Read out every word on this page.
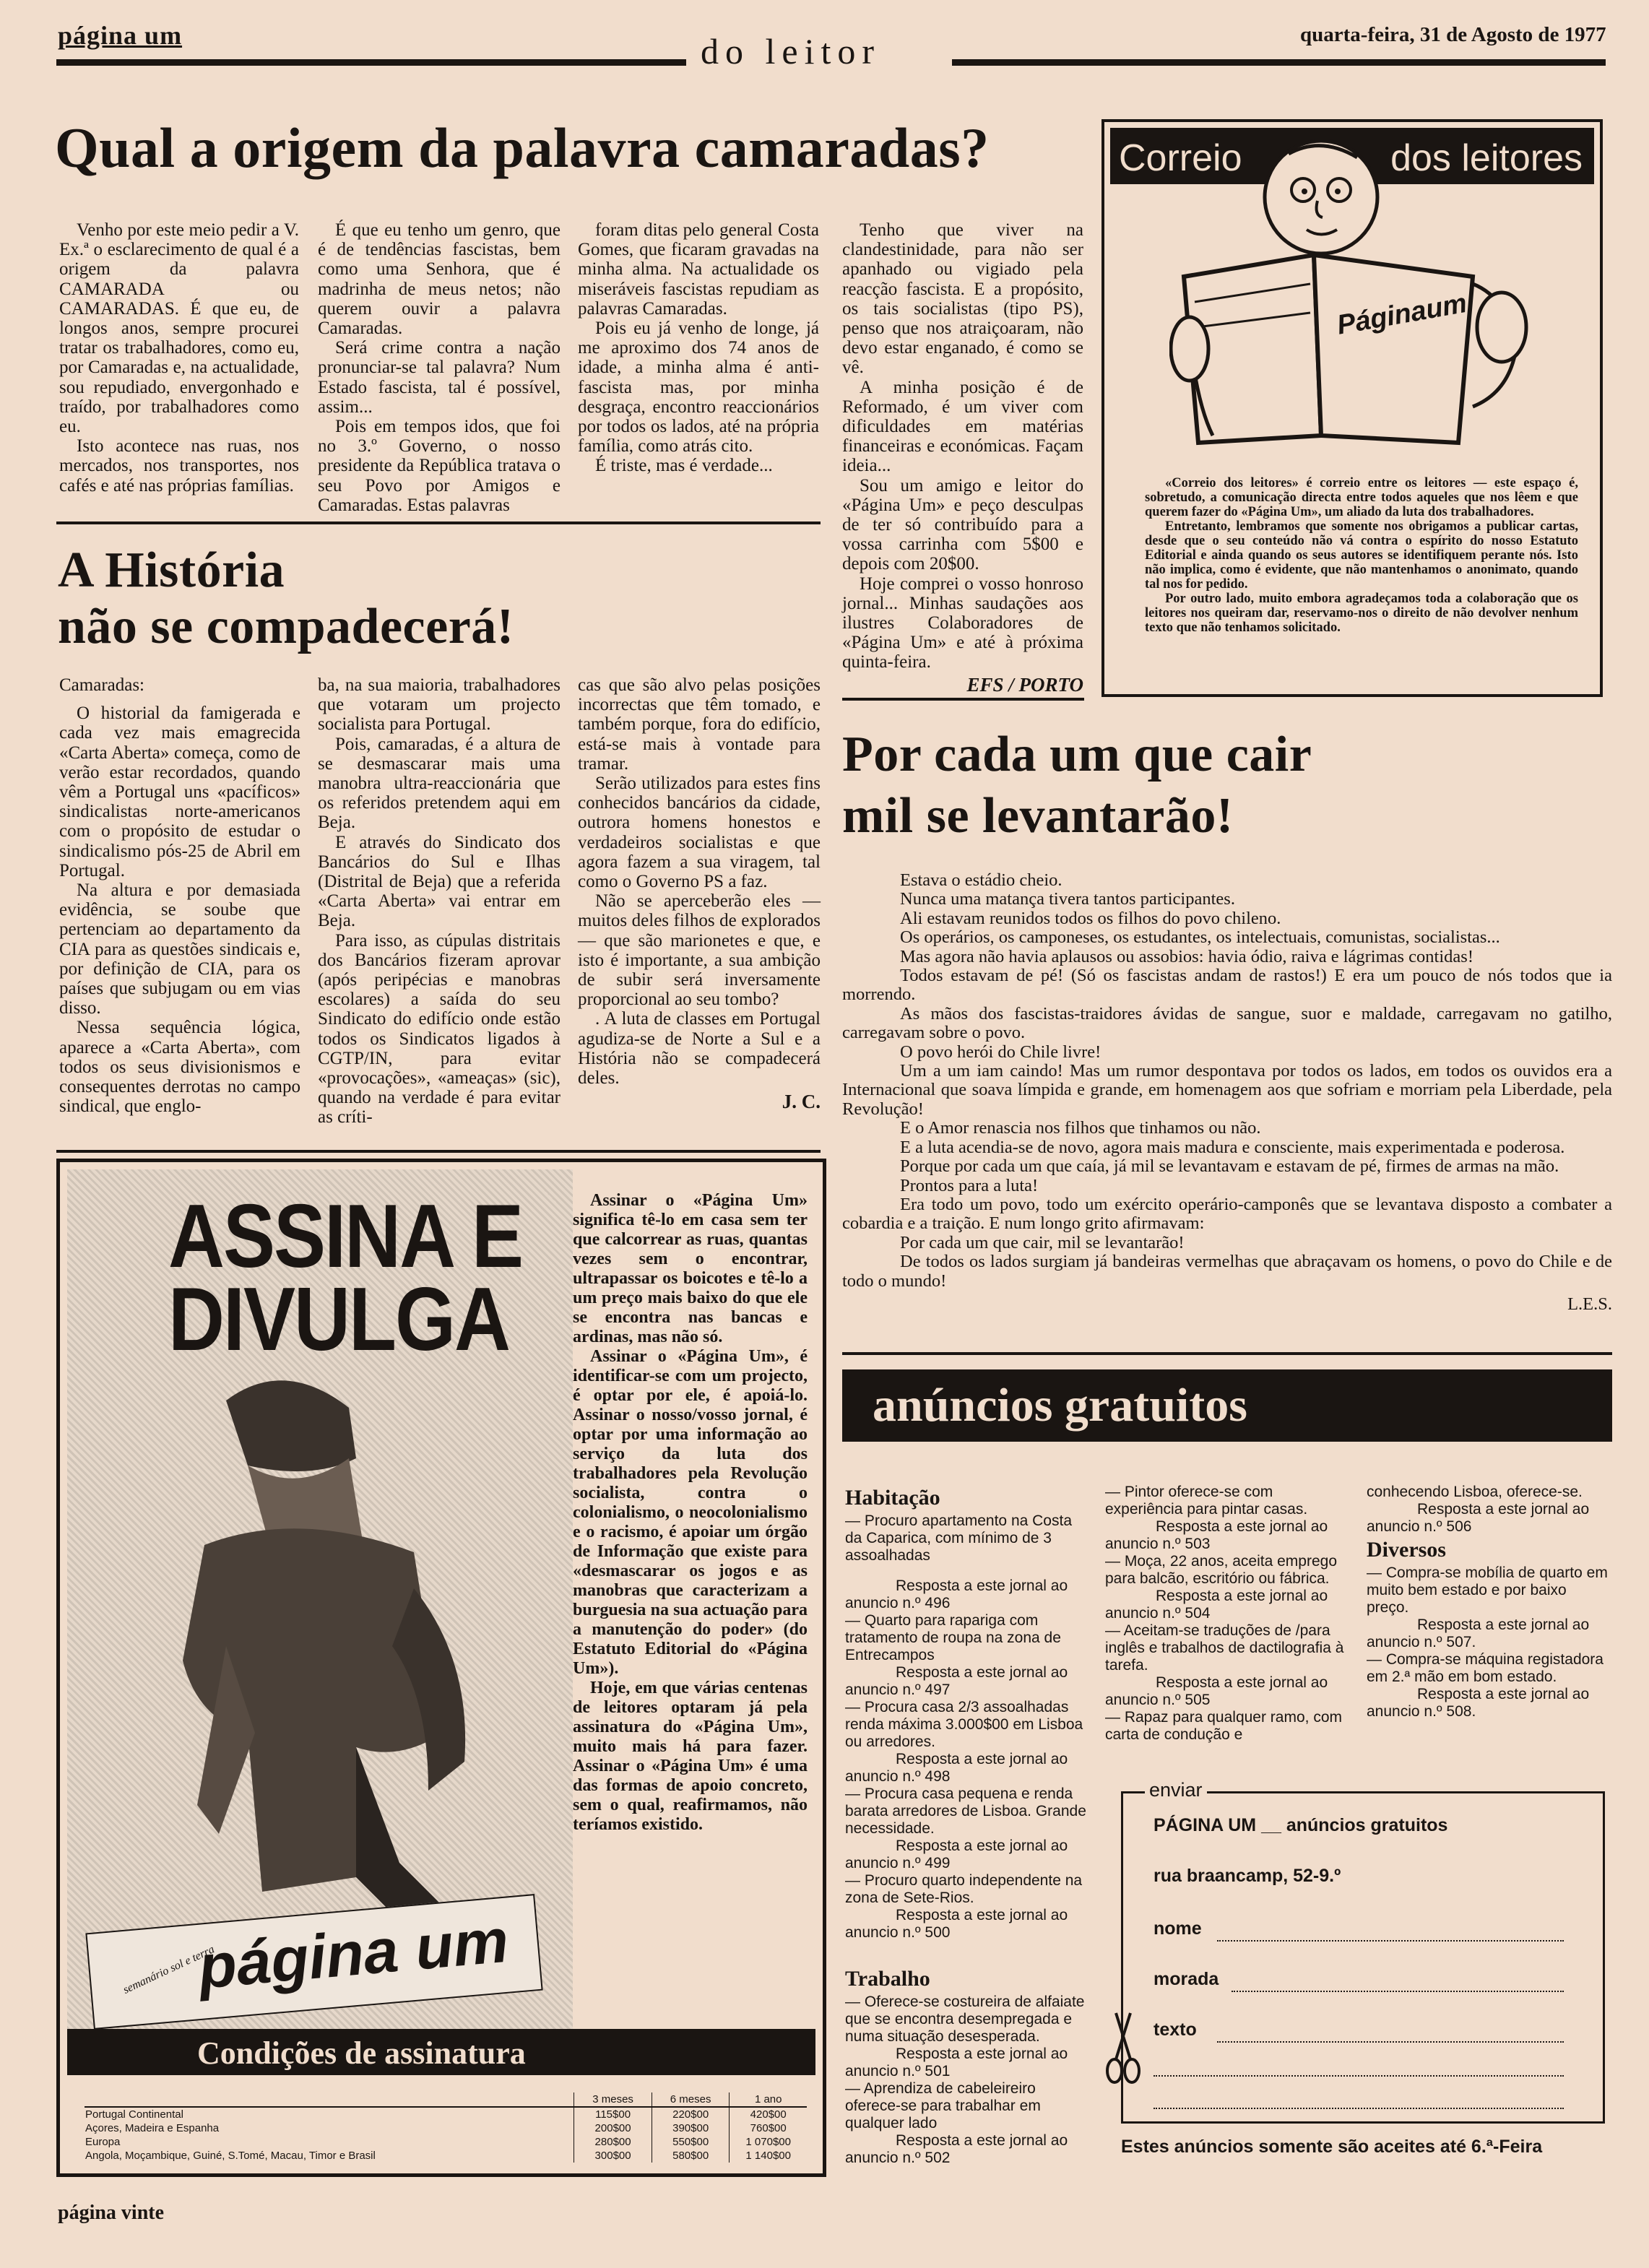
página um	do leitor	quarta-feira, 31 de Agosto de 1977
Qual a origem da palavra camaradas?

Venho por este meio pedir a V. Ex.ª o esclarecimento de qual é a origem da palavra CAMARADA ou CAMARADAS. É que eu, de longos anos, sempre procurei tratar os trabalhadores, como eu, por Camaradas e, na actualidade, sou repudiado, envergonhado e traído, por trabalhadores como eu.

Isto acontece nas ruas, nos mercados, nos transportes, nos cafés e até nas próprias famílias.

É que eu tenho um genro, que é de tendências fascistas, bem como uma Senhora, que é madrinha de meus netos; não querem ouvir a palavra Camaradas.

Será crime contra a nação pronunciar-se tal palavra? Num Estado fascista, tal é possível, assim...

Pois em tempos idos, que foi no 3.º Governo, o nosso presidente da República tratava o seu Povo por Amigos e Camaradas. Estas palavras

foram ditas pelo general Costa Gomes, que ficaram gravadas na minha alma. Na actualidade os miseráveis fascistas repudiam as palavras Camaradas.

Pois eu já venho de longe, já me aproximo dos 74 anos de idade, a minha alma é anti-fascista mas, por minha desgraça, encontro reaccionários por todos os lados, até na própria família, como atrás cito.

É triste, mas é verdade...

Tenho que viver na clandestinidade, para não ser apanhado ou vigiado pela reacção fascista. E a propósito, os tais socialistas (tipo PS), penso que nos atraiçoaram, não devo estar enganado, é como se vê.

A minha posição é de Reformado, é um viver com dificuldades em matérias financeiras e económicas. Façam ideia...

Sou um amigo e leitor do «Página Um» e peço desculpas de ter só contribuído para a vossa carrinha com 5$00 e depois com 20$00.

Hoje comprei o vosso honroso jornal... Minhas saudações aos ilustres Colaboradores de «Página Um» e até à próxima quinta-feira.

EFS / PORTO
Correio	dos leitores
Páginaum

«Correio dos leitores» é correio entre os leitores — este espaço é, sobretudo, a comunicação directa entre todos aqueles que nos lêem e que querem fazer do «Página Um», um aliado da luta dos trabalhadores.

Entretanto, lembramos que somente nos obrigamos a publicar cartas, desde que o seu conteúdo não vá contra o espírito do nosso Estatuto Editorial e ainda quando os seus autores se identifiquem perante nós. Isto não implica, como é evidente, que não mantenhamos o anonimato, quando tal nos for pedido.

Por outro lado, muito embora agradeçamos toda a colaboração que os leitores nos queiram dar, reservamo-nos o direito de não devolver nenhum texto que não tenhamos solicitado.

A História
não se compadecerá!

Camaradas:

O historial da famigerada e cada vez mais emagrecida «Carta Aberta» começa, como de verão estar recordados, quando vêm a Portugal uns «pacíficos» sindicalistas norte-americanos com o propósito de estudar o sindicalismo pós-25 de Abril em Portugal.

Na altura e por demasiada evidência, se soube que pertenciam ao departamento da CIA para as questões sindicais e, por definição de CIA, para os países que subjugam ou em vias disso.

Nessa sequência lógica, aparece a «Carta Aberta», com todos os seus divisionismos e consequentes derrotas no campo sindical, que englo-

ba, na sua maioria, trabalhadores que votaram um projecto socialista para Portugal.

Pois, camaradas, é a altura de se desmascarar mais uma manobra ultra-reaccionária que os referidos pretendem aqui em Beja.

E através do Sindicato dos Bancários do Sul e Ilhas (Distrital de Beja) que a referida «Carta Aberta» vai entrar em Beja.

Para isso, as cúpulas distritais dos Bancários fizeram aprovar (após peripécias e manobras escolares) a saída do seu Sindicato do edifício onde estão todos os Sindicatos ligados à CGTP/IN, para evitar «provocações», «ameaças» (sic), quando na verdade é para evitar as críti-

cas que são alvo pelas posições incorrectas que têm tomado, e também porque, fora do edifício, está-se mais à vontade para tramar.

Serão utilizados para estes fins conhecidos bancários da cidade, outrora homens honestos e verdadeiros socialistas e que agora fazem a sua viragem, tal como o Governo PS a faz.

Não se aperceberão eles — muitos deles filhos de explorados — que são marionetes e que, e isto é importante, a sua ambição de subir será inversamente proporcional ao seu tombo?

. A luta de classes em Portugal agudiza-se de Norte a Sul e a História não se compadecerá deles.

J. C.
Por cada um que cair
mil se levantarão!

Estava o estádio cheio.

Nunca uma matança tivera tantos participantes.

Ali estavam reunidos todos os filhos do povo chileno.

Os operários, os camponeses, os estudantes, os intelectuais, comunistas, socialistas...

Mas agora não havia aplausos ou assobios: havia ódio, raiva e lágrimas contidas!

Todos estavam de pé! (Só os fascistas andam de rastos!) E era um pouco de nós todos que ia morrendo.

As mãos dos fascistas-traidores ávidas de sangue, suor e maldade, carregavam no gatilho, carregavam sobre o povo.

O povo herói do Chile livre!

Um a um iam caindo! Mas um rumor despontava por todos os lados, em todos os ouvidos era a Internacional que soava límpida e grande, em homenagem aos que sofriam e morriam pela Liberdade, pela Revolução!

E o Amor renascia nos filhos que tinhamos ou não.

E a luta acendia-se de novo, agora mais madura e consciente, mais experimentada e poderosa.

Porque por cada um que caía, já mil se levantavam e estavam de pé, firmes de armas na mão.

Prontos para a luta!

Era todo um povo, todo um exército operário-camponês que se levantava disposto a combater a cobardia e a traição. E num longo grito afirmavam:

Por cada um que cair, mil se levantarão!

De todos os lados surgiam já bandeiras vermelhas que abraçavam os homens, o povo do Chile e de todo o mundo!

L.E.S.
ASSINA E
DIVULGA
semanário sol e terra
página um

Assinar o «Página Um» significa tê-lo em casa sem ter que calcorrear as ruas, quantas vezes sem o encontrar, ultrapassar os boicotes e tê-lo a um preço mais baixo do que ele se encontra nas bancas e ardinas, mas não só.

Assinar o «Página Um», é identificar-se com um projecto, é optar por ele, é apoiá-lo. Assinar o nosso/vosso jornal, é optar por uma informação ao serviço da luta dos trabalhadores pela Revolução socialista, contra o colonialismo, o neocolonialismo e o racismo, é apoiar um órgão de Informação que existe para «desmascarar os jogos e as manobras que caracterizam a burguesia na sua actuação para a manutenção do poder» (do Estatuto Editorial do «Página Um»).

Hoje, em que várias centenas de leitores optaram já pela assinatura do «Página Um», muito mais há para fazer. Assinar o «Página Um» é uma das formas de apoio concreto, sem o qual, reafirmamos, não teríamos existido.

Condições de assinatura
	3 meses	6 meses	1 ano
Portugal Continental	115$00	220$00	420$00
Açores, Madeira e Espanha	200$00	390$00	760$00
Europa	280$00	550$00	1 070$00
Angola, Moçambique, Guiné, S.Tomé, Macau, Timor e Brasil	300$00	580$00	1 140$00
anúncios gratuitos

Habitação

— Procuro apartamento na Costa da Caparica, com mínimo de 3 assoalhadas

Resposta a este jornal ao anuncio n.º 496

— Quarto para rapariga com tratamento de roupa na zona de Entrecampos

Resposta a este jornal ao anuncio n.º 497

— Procura casa 2/3 assoalhadas renda máxima 3.000$00 em Lisboa ou arredores.

Resposta a este jornal ao anuncio n.º 498

— Procura casa pequena e renda barata arredores de Lisboa. Grande necessidade.

Resposta a este jornal ao anuncio n.º 499

— Procuro quarto independente na zona de Sete-Rios.

Resposta a este jornal ao anuncio n.º 500

Trabalho

— Oferece-se costureira de alfaiate que se encontra desempregada e numa situação desesperada.

Resposta a este jornal ao anuncio n.º 501

— Aprendiza de cabeleireiro oferece-se para trabalhar em qualquer lado

Resposta a este jornal ao anuncio n.º 502

— Pintor oferece-se com experiência para pintar casas.

Resposta a este jornal ao anuncio n.º 503

— Moça, 22 anos, aceita emprego para balcão, escritório ou fábrica.

Resposta a este jornal ao anuncio n.º 504

— Aceitam-se traduções de /para inglês e trabalhos de dactilografia à tarefa.

Resposta a este jornal ao anuncio n.º 505

— Rapaz para qualquer ramo, com carta de condução e

conhecendo Lisboa, oferece-se.

Resposta a este jornal ao anuncio n.º 506

Diversos

— Compra-se mobília de quarto em muito bem estado e por baixo preço.

Resposta a este jornal ao anuncio n.º 507.

— Compra-se máquina registadora em 2.ª mão em bom estado.

Resposta a este jornal ao anuncio n.º 508.

enviar
PÁGINA UM __ anúncios gratuitos
rua braancamp, 52-9.º
nome
morada
texto
Estes anúncios somente são aceites até 6.ª-Feira
página vinte
